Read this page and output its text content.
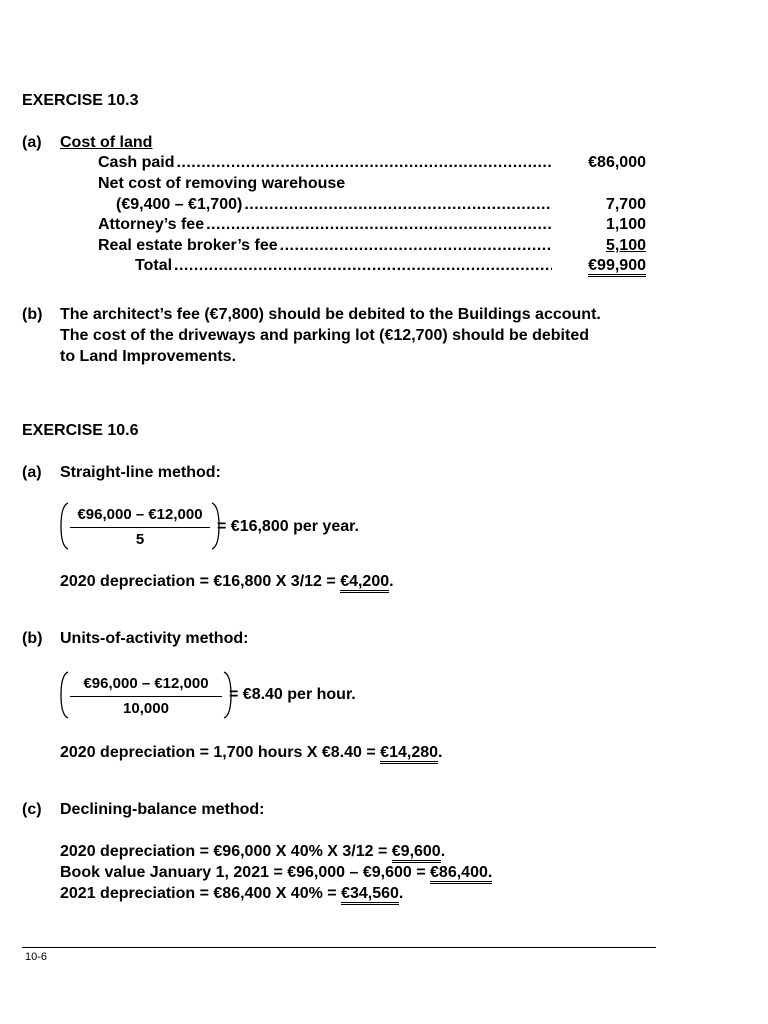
EXERCISE 10.3
(a) Cost of land
Cash paid .....	€86,000
Net cost of removing warehouse
(€9,400 – €1,700) .....	7,700
Attorney’s fee .....	1,100
Real estate broker’s fee .....	5,100
Total .....	€99,900
(b) The architect’s fee (€7,800) should be debited to the Buildings account.
The cost of the driveways and parking lot (€12,700) should be debited
to Land Improvements.
EXERCISE 10.6
(a) Straight-line method:
$\frac{€96,000 - €12,000}{5}$ = €16,800 per year.
2020 depreciation = €16,800 X 3/12 = €4,200.
(b) Units-of-activity method:
$\frac{€96,000 - €12,000}{10,000}$ = €8.40 per hour.
2020 depreciation = 1,700 hours X €8.40 = €14,280.
(c) Declining-balance method:
2020 depreciation = €96,000 X 40% X 3/12 = €9,600.
Book value January 1, 2021 = €96,000 – €9,600 = €86,400.
2021 depreciation = €86,400 X 40% = €34,560.
10-6
